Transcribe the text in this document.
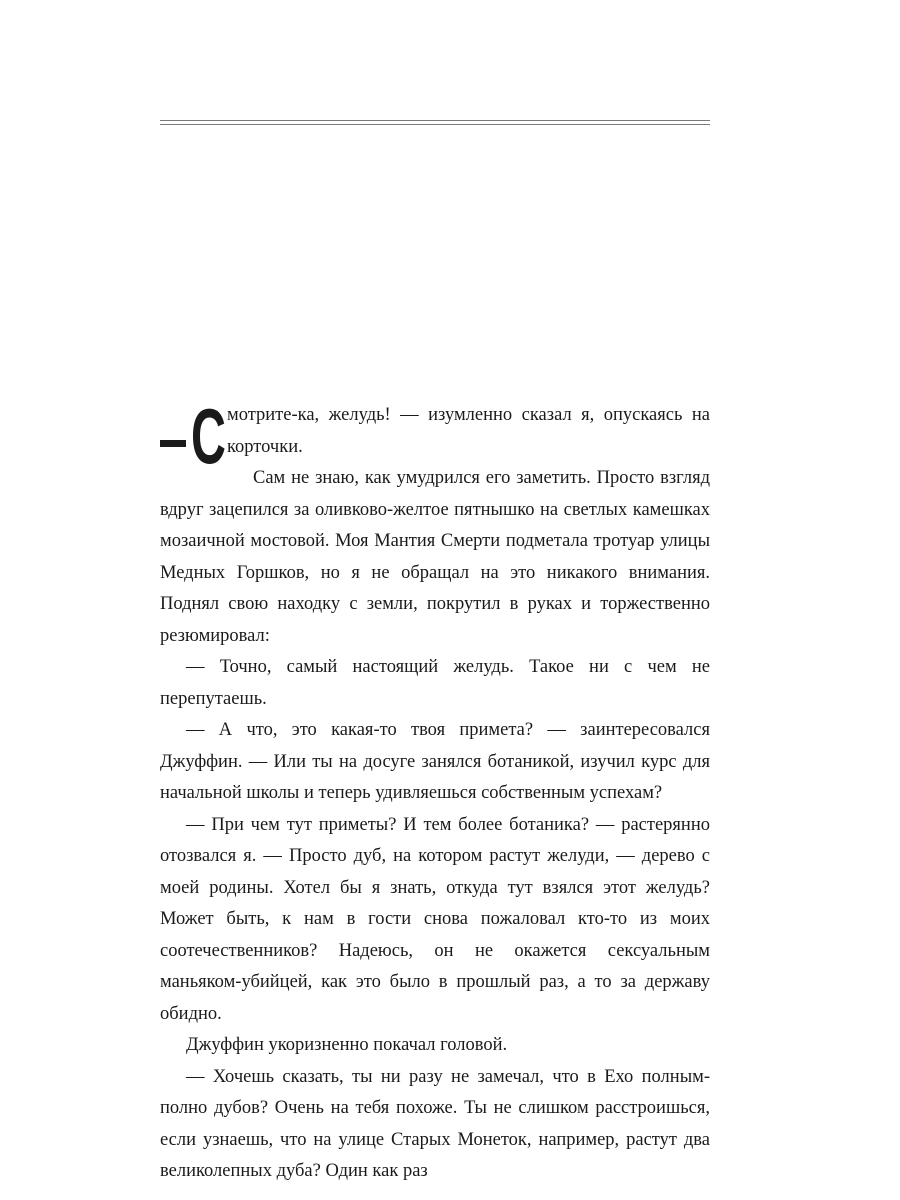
С мотрите-ка, желудь! — изумленно сказал я, опускаясь на корточки.

Сам не знаю, как умудрился его заметить. Просто взгляд вдруг зацепился за оливково-желтое пятнышко на светлых камешках мозаичной мостовой. Моя Мантия Смерти подметала тротуар улицы Медных Горшков, но я не обращал на это никакого внимания. Поднял свою находку с земли, покрутил в руках и торжественно резюмировал:

— Точно, самый настоящий желудь. Такое ни с чем не перепутаешь.

— А что, это какая-то твоя примета? — заинтересовался Джуффин. — Или ты на досуге занялся ботаникой, изучил курс для начальной школы и теперь удивляешься собственным успехам?

— При чем тут приметы? И тем более ботаника? — растерянно отозвался я. — Просто дуб, на котором растут желуди, — дерево с моей родины. Хотел бы я знать, откуда тут взялся этот желудь? Может быть, к нам в гости снова пожаловал кто-то из моих соотечественников? Надеюсь, он не окажется сексуальным маньяком-убийцей, как это было в прошлый раз, а то за державу обидно.

Джуффин укоризненно покачал головой.

— Хочешь сказать, ты ни разу не замечал, что в Ехо полным-полно дубов? Очень на тебя похоже. Ты не слишком расстроишься, если узнаешь, что на улице Старых Монеток, например, растут два великолепных дуба? Один как раз
